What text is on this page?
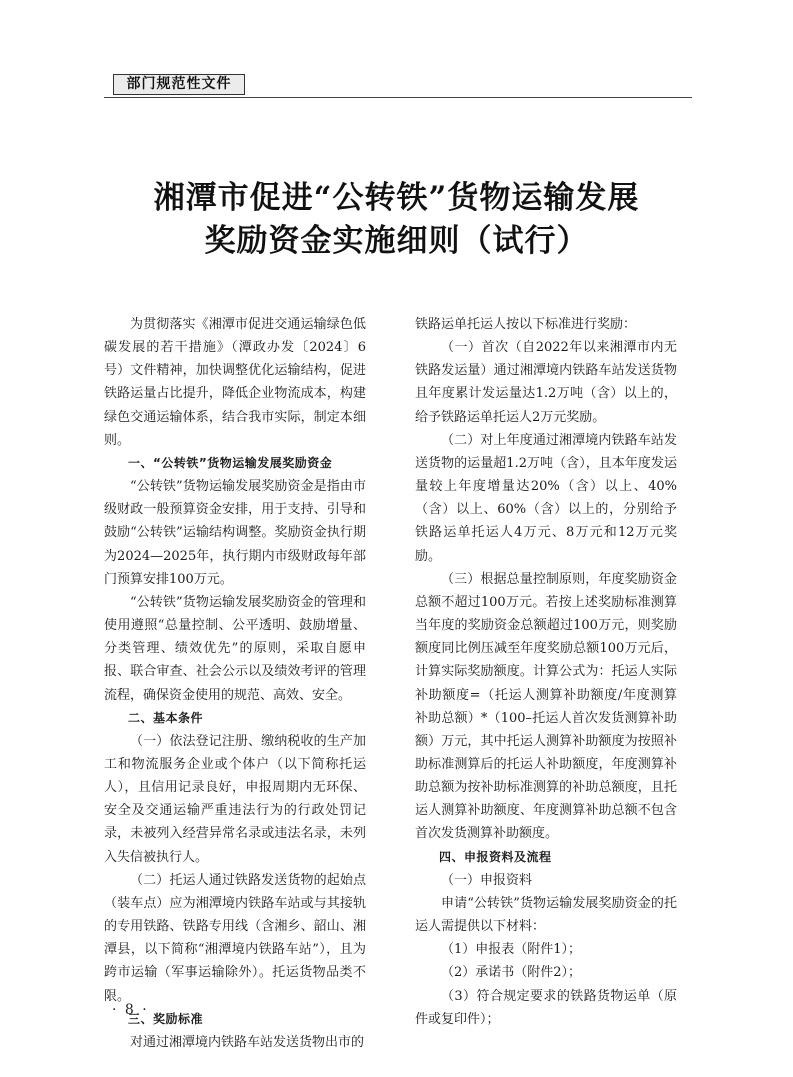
部门规范性文件
湘潭市促进“公转铁”货物运输发展
奖励资金实施细则（试行）

为贯彻落实《湘潭市促进交通运输绿色低碳发展的若干措施》（潭政办发〔2024〕6号）文件精神，加快调整优化运输结构，促进铁路运量占比提升，降低企业物流成本，构建绿色交通运输体系，结合我市实际，制定本细则。

一、“公转铁”货物运输发展奖励资金

“公转铁”货物运输发展奖励资金是指由市级财政一般预算资金安排，用于支持、引导和鼓励“公转铁”运输结构调整。奖励资金执行期为2024—2025年，执行期内市级财政每年部门预算安排100万元。

“公转铁”货物运输发展奖励资金的管理和使用遵照“总量控制、公平透明、鼓励增量、分类管理、绩效优先”的原则，采取自愿申报、联合审查、社会公示以及绩效考评的管理流程，确保资金使用的规范、高效、安全。

二、基本条件

（一）依法登记注册、缴纳税收的生产加工和物流服务企业或个体户（以下简称托运人），且信用记录良好，申报周期内无环保、安全及交通运输严重违法行为的行政处罚记录，未被列入经营异常名录或违法名录，未列入失信被执行人。

（二）托运人通过铁路发送货物的起始点（装车点）应为湘潭境内铁路车站或与其接轨的专用铁路、铁路专用线（含湘乡、韶山、湘潭县，以下简称“湘潭境内铁路车站”），且为跨市运输（军事运输除外）。托运货物品类不限。

三、奖励标准

对通过湘潭境内铁路车站发送货物出市的

铁路运单托运人按以下标准进行奖励：

（一）首次（自2022年以来湘潭市内无铁路发运量）通过湘潭境内铁路车站发送货物且年度累计发运量达1.2万吨（含）以上的，给予铁路运单托运人2万元奖励。

（二）对上年度通过湘潭境内铁路车站发送货物的运量超1.2万吨（含），且本年度发运量较上年度增量达20%（含）以上、40%（含）以上、60%（含）以上的，分别给予铁路运单托运人4万元、8万元和12万元奖励。

（三）根据总量控制原则，年度奖励资金总额不超过100万元。若按上述奖励标准测算当年度的奖励资金总额超过100万元，则奖励额度同比例压减至年度奖励总额100万元后，计算实际奖励额度。计算公式为：托运人实际补助额度=（托运人测算补助额度/年度测算补助总额）*（100–托运人首次发货测算补助额）万元，其中托运人测算补助额度为按照补助标准测算后的托运人补助额度，年度测算补助总额为按补助标准测算的补助总额度，且托运人测算补助额度、年度测算补助总额不包含首次发货测算补助额度。

四、申报资料及流程

（一）申报资料

申请“公转铁”货物运输发展奖励资金的托运人需提供以下材料：

（1）申报表（附件1）；

（2）承诺书（附件2）；

（3）符合规定要求的铁路货物运单（原件或复印件）；

· 8 ·
